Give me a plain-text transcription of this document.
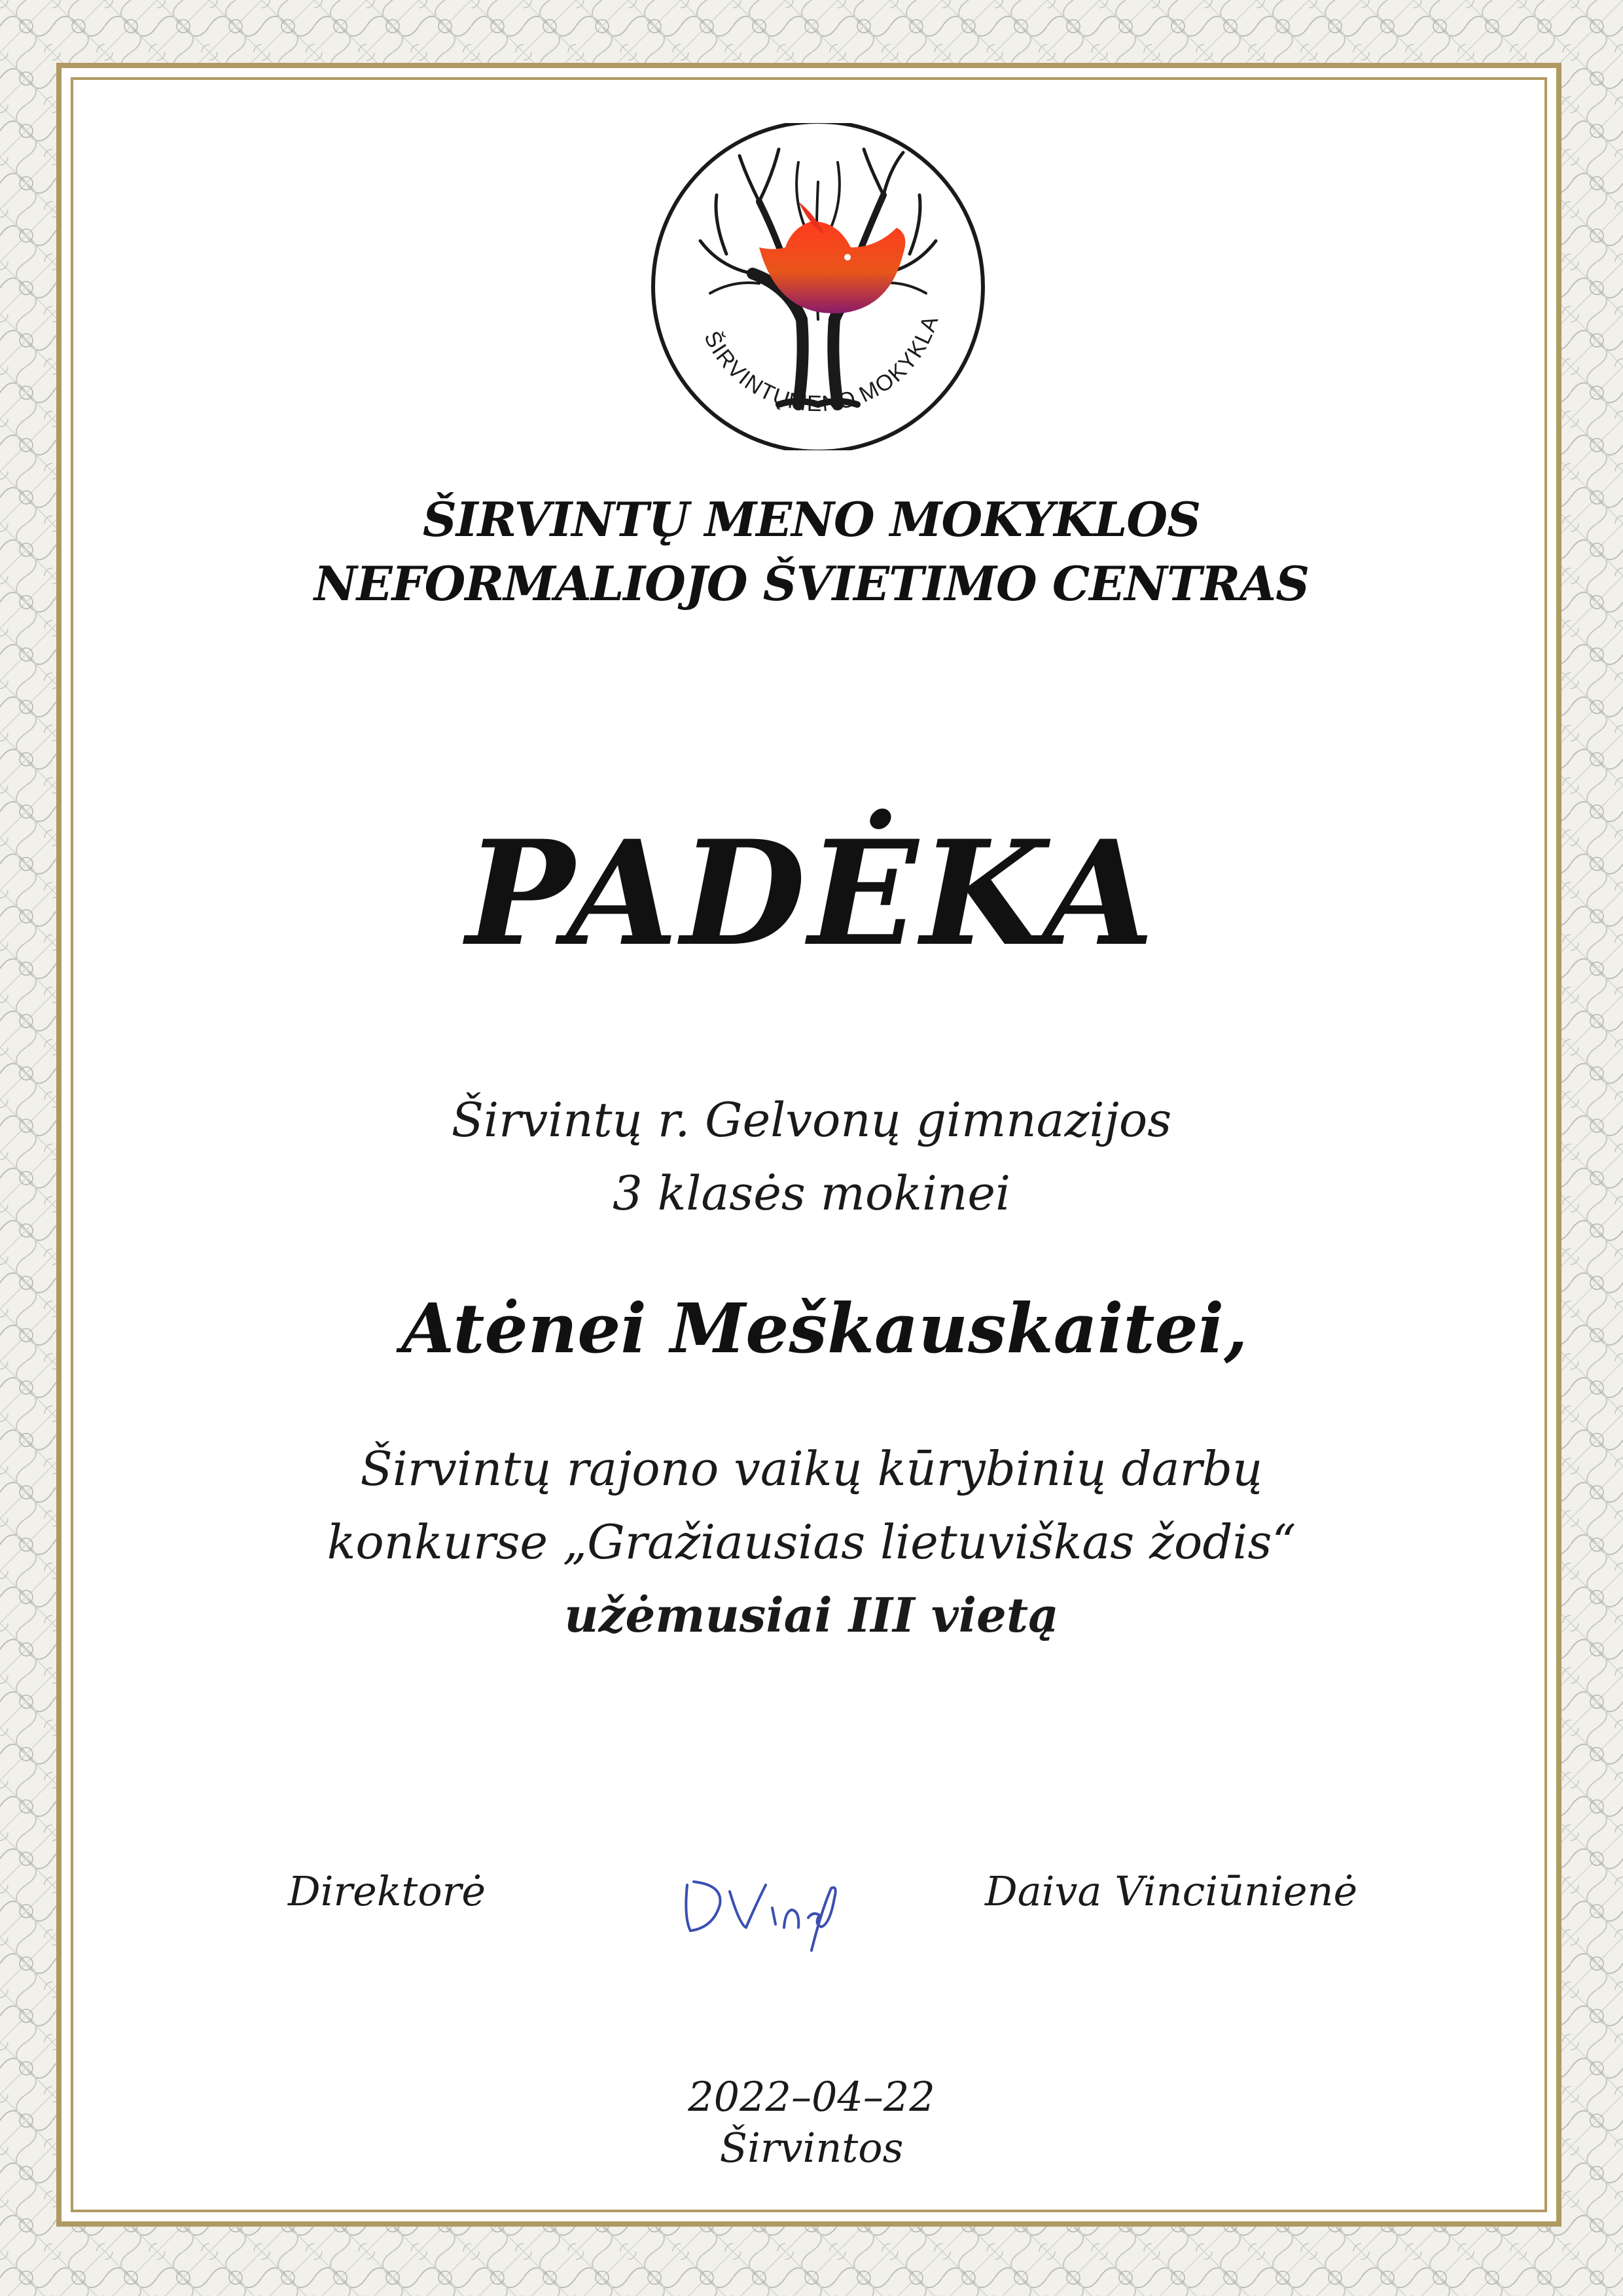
ŠIRVINTŲ
MENO
MOKYKLA
ŠIRVINTŲ MENO MOKYKLOS
NEFORMALIOJO ŠVIETIMO CENTRAS
PADĖKA
Širvintų r. Gelvonų gimnazijos
3 klasės mokinei
Atėnei Meškauskaitei,
Širvintų rajono vaikų kūrybinių darbų
konkurse „Gražiausias lietuviškas žodis“
užėmusiai III vietą
Direktorė	Daiva Vinciūnienė
2022–04–22
Širvintos
